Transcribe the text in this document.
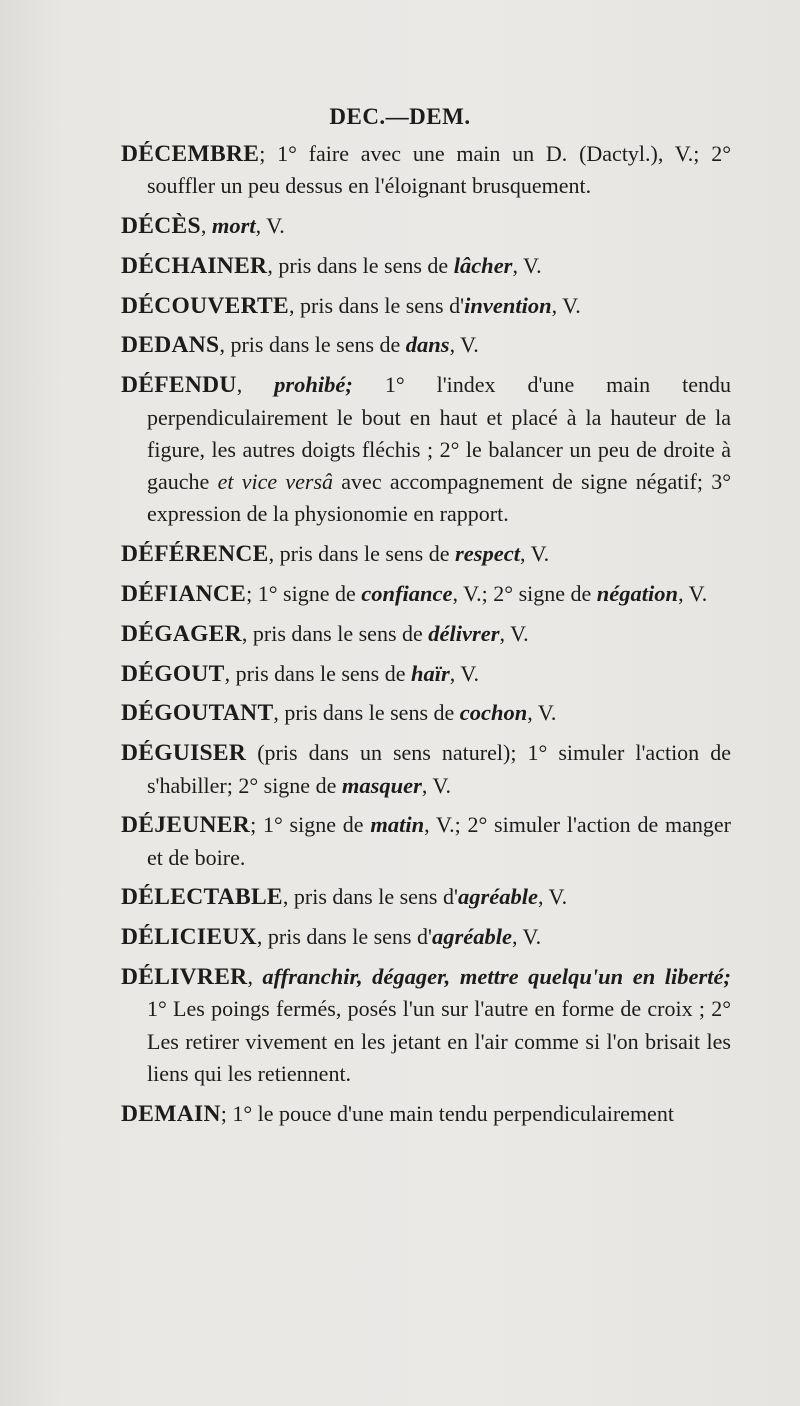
DEC.—DEM.

DÉCEMBRE; 1° faire avec une main un D. (Dactyl.), V.; 2° souffler un peu dessus en l'éloignant brusquement.

DÉCÈS, mort, V.

DÉCHAINER, pris dans le sens de lâcher, V.

DÉCOUVERTE, pris dans le sens d'invention, V.

DEDANS, pris dans le sens de dans, V.

DÉFENDU, prohibé; 1° l'index d'une main tendu perpendiculairement le bout en haut et placé à la hauteur de la figure, les autres doigts fléchis ; 2° le balancer un peu de droite à gauche et vice versâ avec accompagnement de signe négatif; 3° expression de la physionomie en rapport.

DÉFÉRENCE, pris dans le sens de respect, V.

DÉFIANCE; 1° signe de confiance, V.; 2° signe de négation, V.

DÉGAGER, pris dans le sens de délivrer, V.

DÉGOUT, pris dans le sens de haïr, V.

DÉGOUTANT, pris dans le sens de cochon, V.

DÉGUISER (pris dans un sens naturel); 1° simuler l'action de s'habiller; 2° signe de masquer, V.

DÉJEUNER; 1° signe de matin, V.; 2° simuler l'action de manger et de boire.

DÉLECTABLE, pris dans le sens d'agréable, V.

DÉLICIEUX, pris dans le sens d'agréable, V.

DÉLIVRER, affranchir, dégager, mettre quelqu'un en liberté; 1° Les poings fermés, posés l'un sur l'autre en forme de croix ; 2° Les retirer vivement en les jetant en l'air comme si l'on brisait les liens qui les retiennent.

DEMAIN; 1° le pouce d'une main tendu perpendiculairement
